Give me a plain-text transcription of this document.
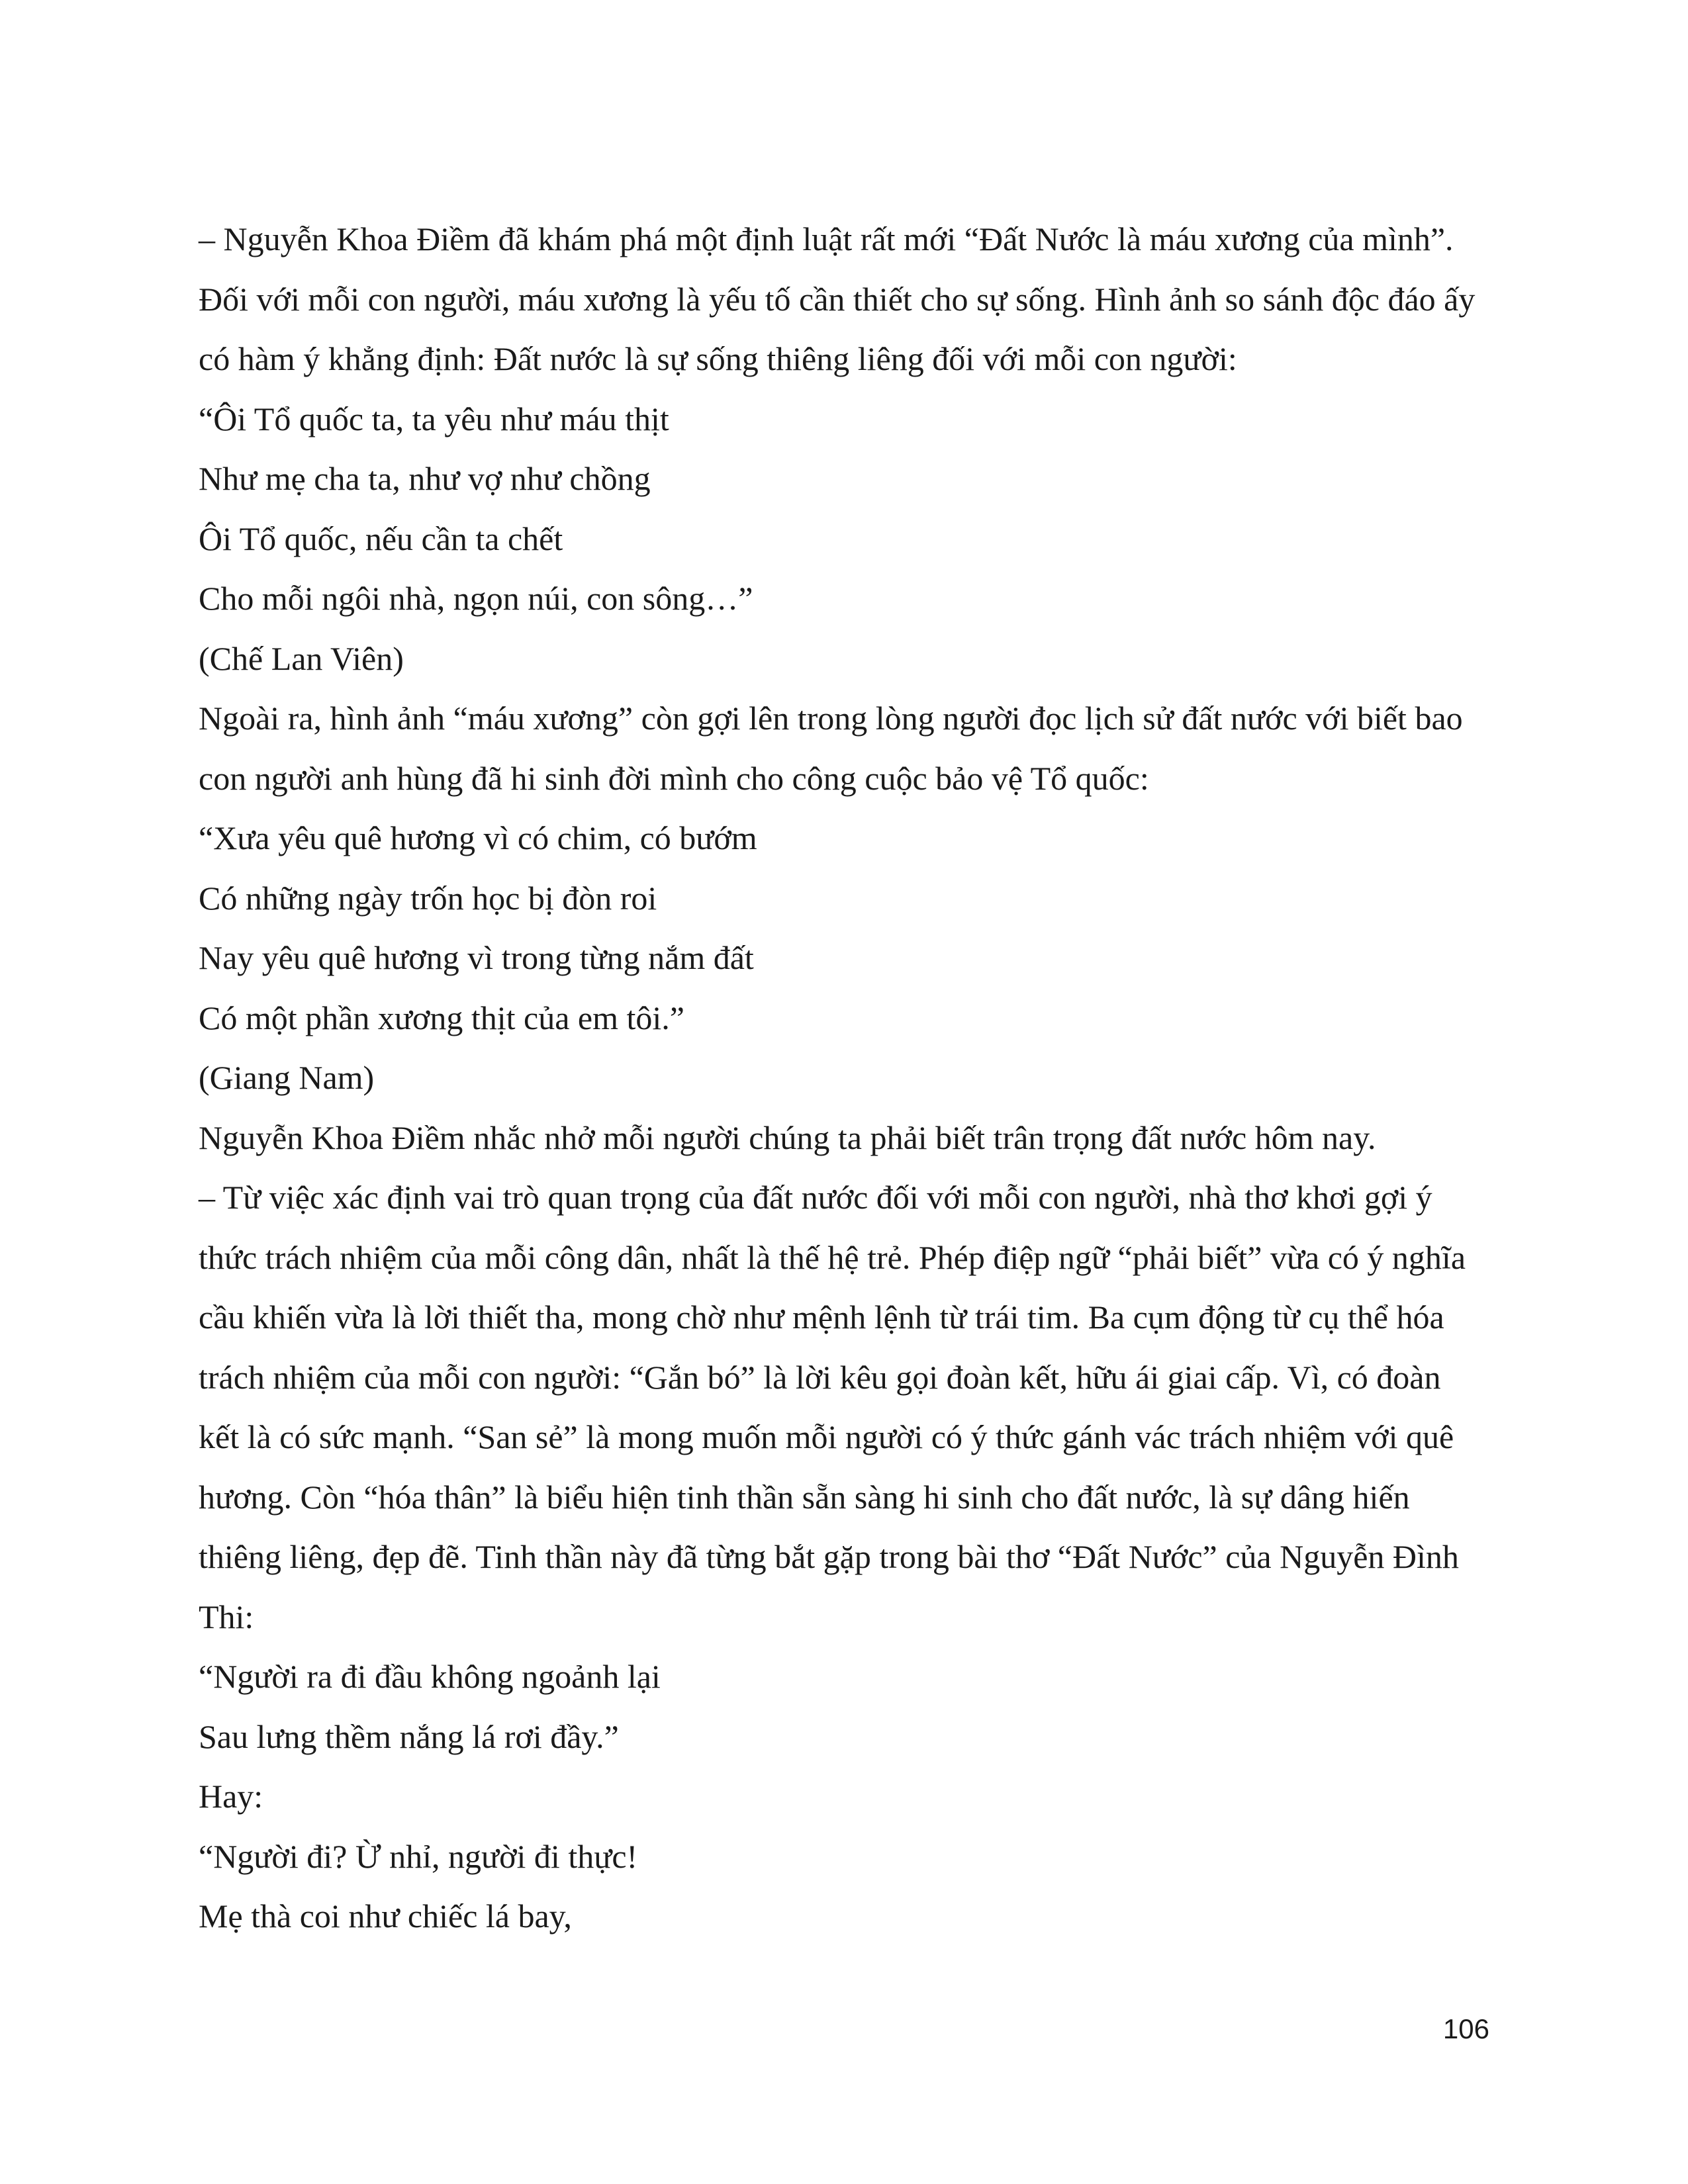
– Nguyễn Khoa Điềm đã khám phá một định luật rất mới “Đất Nước là máu xương của mình”.
Đối với mỗi con người, máu xương là yếu tố cần thiết cho sự sống. Hình ảnh so sánh độc đáo ấy
có hàm ý khẳng định: Đất nước là sự sống thiêng liêng đối với mỗi con người:
“Ôi Tổ quốc ta, ta yêu như máu thịt
Như mẹ cha ta, như vợ như chồng
Ôi Tổ quốc, nếu cần ta chết
Cho mỗi ngôi nhà, ngọn núi, con sông…”
(Chế Lan Viên)
Ngoài ra, hình ảnh “máu xương” còn gợi lên trong lòng người đọc lịch sử đất nước với biết bao
con người anh hùng đã hi sinh đời mình cho công cuộc bảo vệ Tổ quốc:
“Xưa yêu quê hương vì có chim, có bướm
Có những ngày trốn học bị đòn roi
Nay yêu quê hương vì trong từng nắm đất
Có một phần xương thịt của em tôi.”
(Giang Nam)
Nguyễn Khoa Điềm nhắc nhở mỗi người chúng ta phải biết trân trọng đất nước hôm nay.
– Từ việc xác định vai trò quan trọng của đất nước đối với mỗi con người, nhà thơ khơi gợi ý
thức trách nhiệm của mỗi công dân, nhất là thế hệ trẻ. Phép điệp ngữ “phải biết” vừa có ý nghĩa
cầu khiến vừa là lời thiết tha, mong chờ như mệnh lệnh từ trái tim. Ba cụm động từ cụ thể hóa
trách nhiệm của mỗi con người: “Gắn bó” là lời kêu gọi đoàn kết, hữu ái giai cấp. Vì, có đoàn
kết là có sức mạnh. “San sẻ” là mong muốn mỗi người có ý thức gánh vác trách nhiệm với quê
hương. Còn “hóa thân” là biểu hiện tinh thần sẵn sàng hi sinh cho đất nước, là sự dâng hiến
thiêng liêng, đẹp đẽ. Tinh thần này đã từng bắt gặp trong bài thơ “Đất Nước” của Nguyễn Đình
Thi:
“Người ra đi đầu không ngoảnh lại
Sau lưng thềm nắng lá rơi đầy.”
Hay:
“Người đi? Ừ nhỉ, người đi thực!
Mẹ thà coi như chiếc lá bay,
106
